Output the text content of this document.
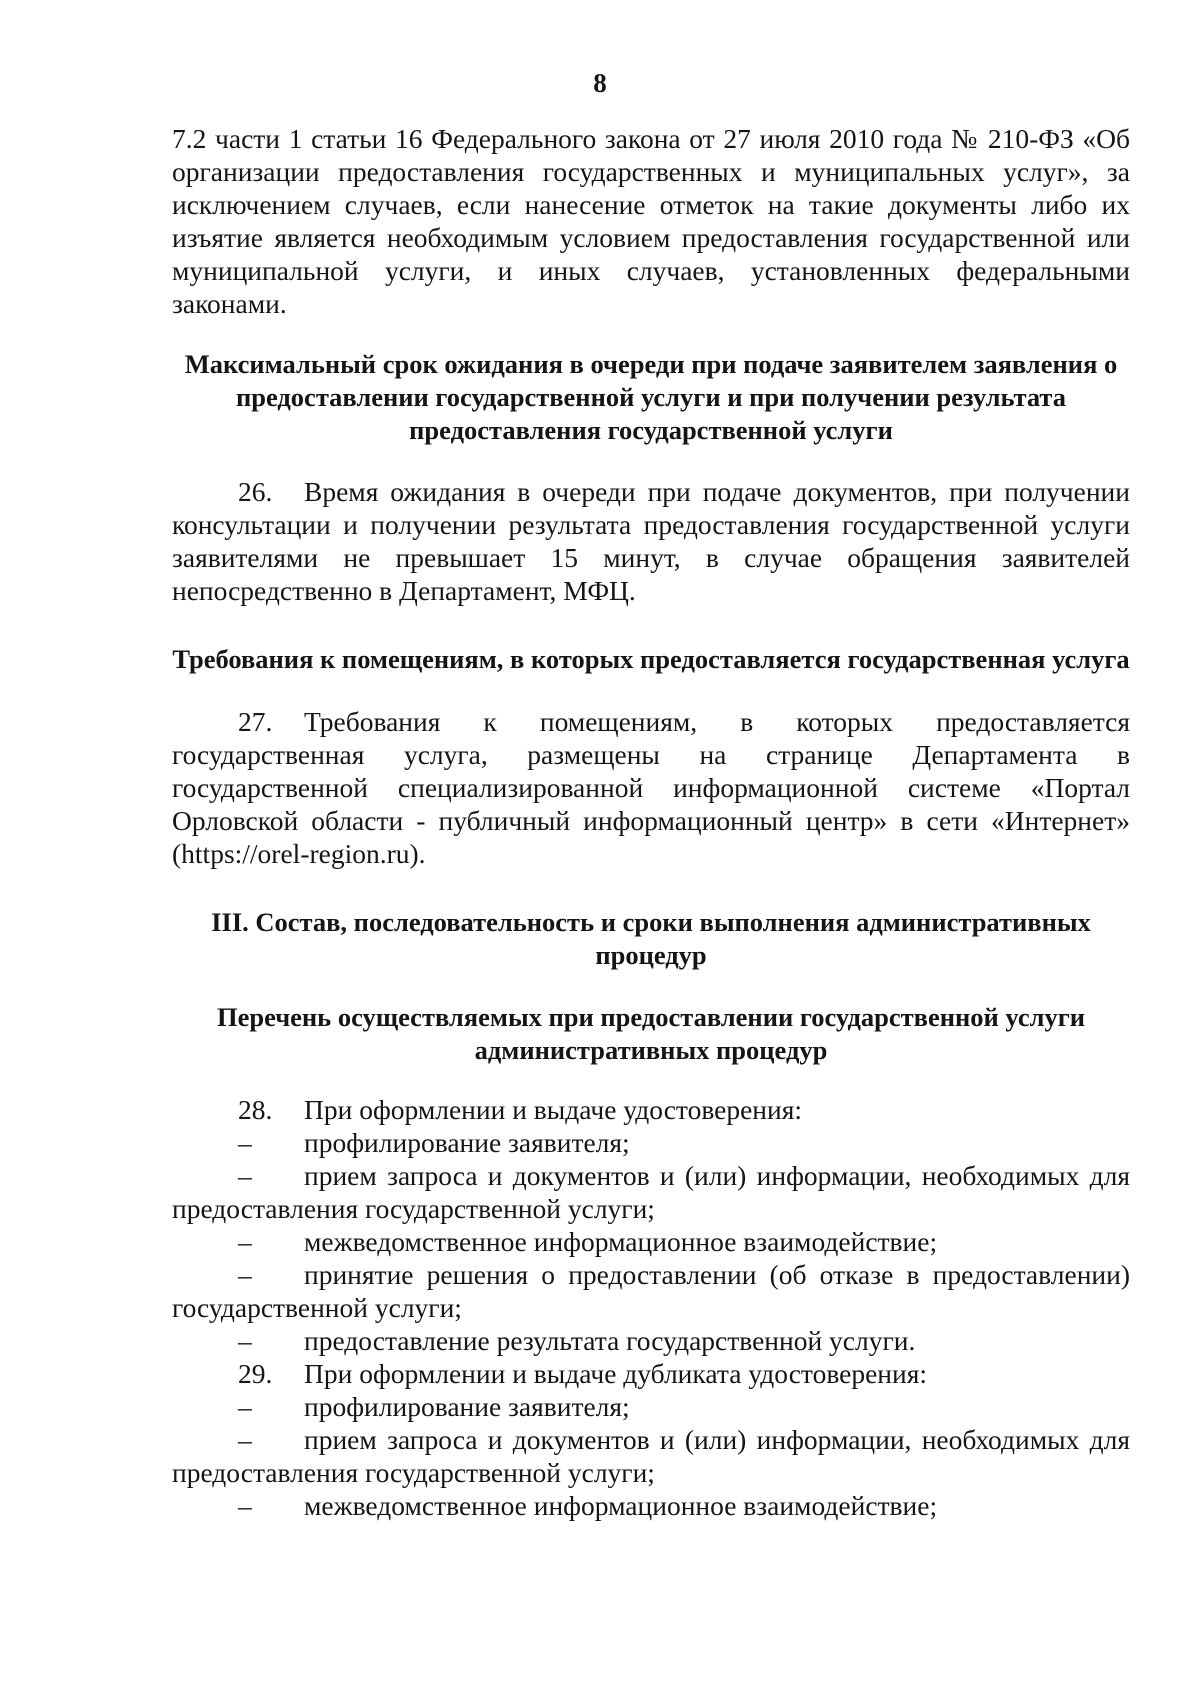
8

7.2 части 1 статьи 16 Федерального закона от 27 июля 2010 года № 210-ФЗ «Об организации предоставления государственных и муниципальных услуг», за исключением случаев, если нанесение отметок на такие документы либо их изъятие является необходимым условием предоставления государственной или муниципальной услуги, и иных случаев, установленных федеральными законами.

Максимальный срок ожидания в очереди при подаче заявителем заявления о предоставлении государственной услуги и при получении результата предоставления государственной услуги

26. Время ожидания в очереди при подаче документов, при получении консультации и получении результата предоставления государственной услуги заявителями не превышает 15 минут, в случае обращения заявителей непосредственно в Департамент, МФЦ.

Требования к помещениям, в которых предоставляется государственная услуга

27. Требования к помещениям, в которых предоставляется государственная услуга, размещены на странице Департамента в государственной специализированной информационной системе «Портал Орловской области - публичный информационный центр» в сети «Интернет» (https://orel-region.ru).

III. Состав, последовательность и сроки выполнения административных процедур
Перечень осуществляемых при предоставлении государственной услуги административных процедур

28. При оформлении и выдаче удостоверения:

– профилирование заявителя;

– прием запроса и документов и (или) информации, необходимых для предоставления государственной услуги;

– межведомственное информационное взаимодействие;

– принятие решения о предоставлении (об отказе в предоставлении) государственной услуги;

– предоставление результата государственной услуги.

29. При оформлении и выдаче дубликата удостоверения:

– профилирование заявителя;

– прием запроса и документов и (или) информации, необходимых для предоставления государственной услуги;

– межведомственное информационное взаимодействие;
